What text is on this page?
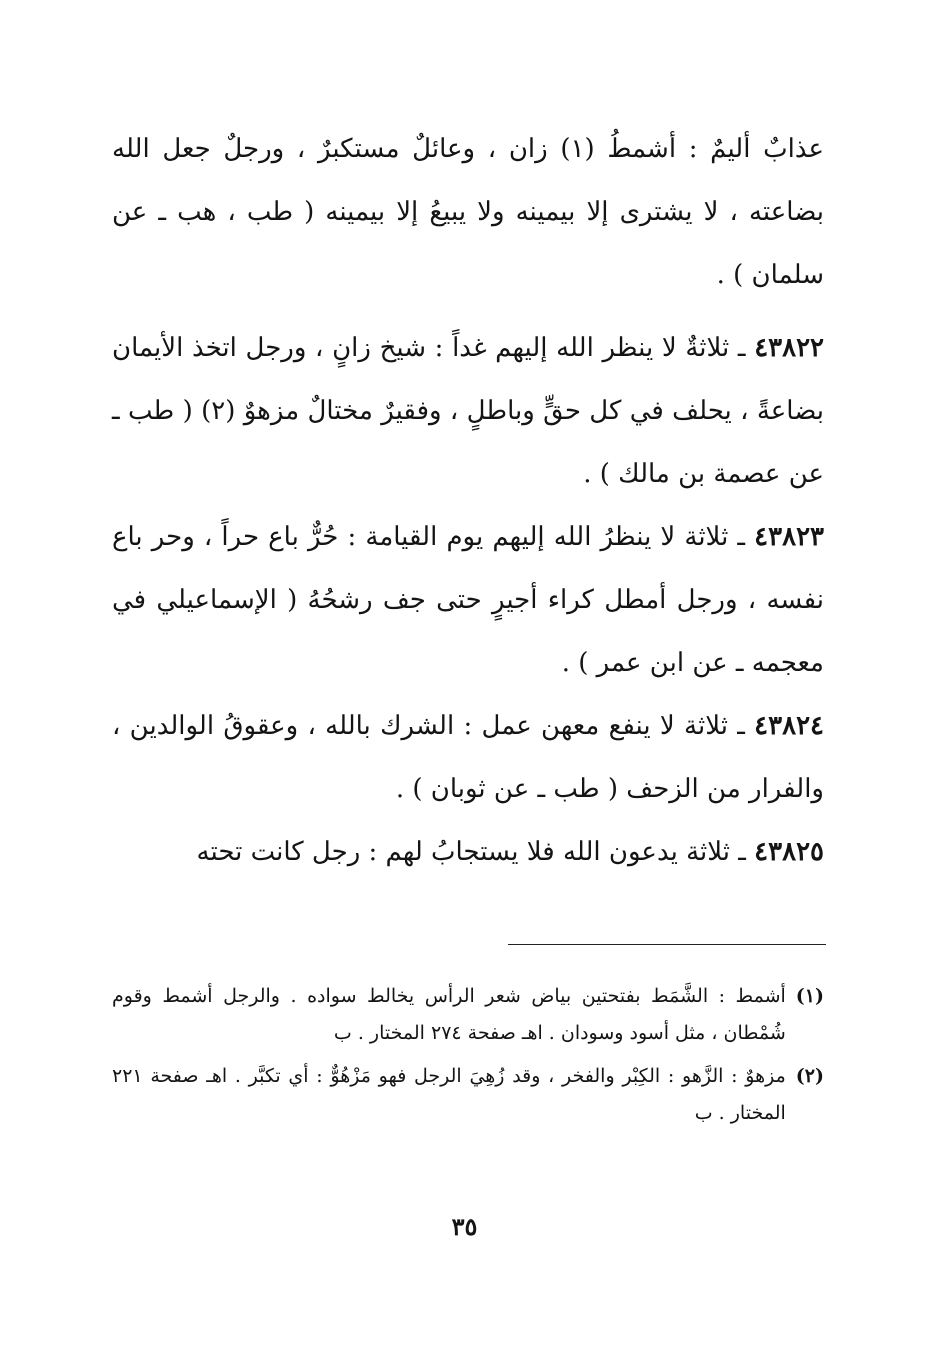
عذابٌ أليمٌ : أشمطُ (١) زان ، وعائلٌ مستكبرٌ ، ورجلٌ جعل الله بضاعته ، لا يشترى إلا بيمينه ولا يبيعُ إلا بيمينه ( طب ، هب ـ عن سلمان ) .

٤٣٨٢٢ ـ ثلاثةٌ لا ينظر الله إليهم غداً : شيخ زانٍ ، ورجل اتخذ الأيمان بضاعةً ، يحلف في كل حقٍّ وباطلٍ ، وفقيرٌ مختالٌ مزهوٌ (٢) ( طب ـ عن عصمة بن مالك ) .

٤٣٨٢٣ ـ ثلاثة لا ينظرُ الله إليهم يوم القيامة : حُرٌّ باع حراً ، وحر باع نفسه ، ورجل أمطل كراء أجيرٍ حتى جف رشحُهُ ( الإسماعيلي في معجمه ـ عن ابن عمر ) .

٤٣٨٢٤ ـ ثلاثة لا ينفع معهن عمل : الشرك بالله ، وعقوقُ الوالدين ، والفرار من الزحف ( طب ـ عن ثوبان ) .

٤٣٨٢٥ ـ ثلاثة يدعون الله فلا يستجابُ لهم : رجل كانت تحته

(١)
أشمط : الشَّمَط بفتحتين بياض شعر الرأس يخالط سواده . والرجل أشمط وقوم شُمْطان ، مثل أسود وسودان . اهـ صفحة ٢٧٤ المختار . ب
(٢)
مزهوٌ : الزَّهو : الكِبْر والفخر ، وقد زُهِيَ الرجل فهو مَزْهُوٌّ : أي تكبَّر . اهـ صفحة ٢٢١ المختار . ب
٣٥
